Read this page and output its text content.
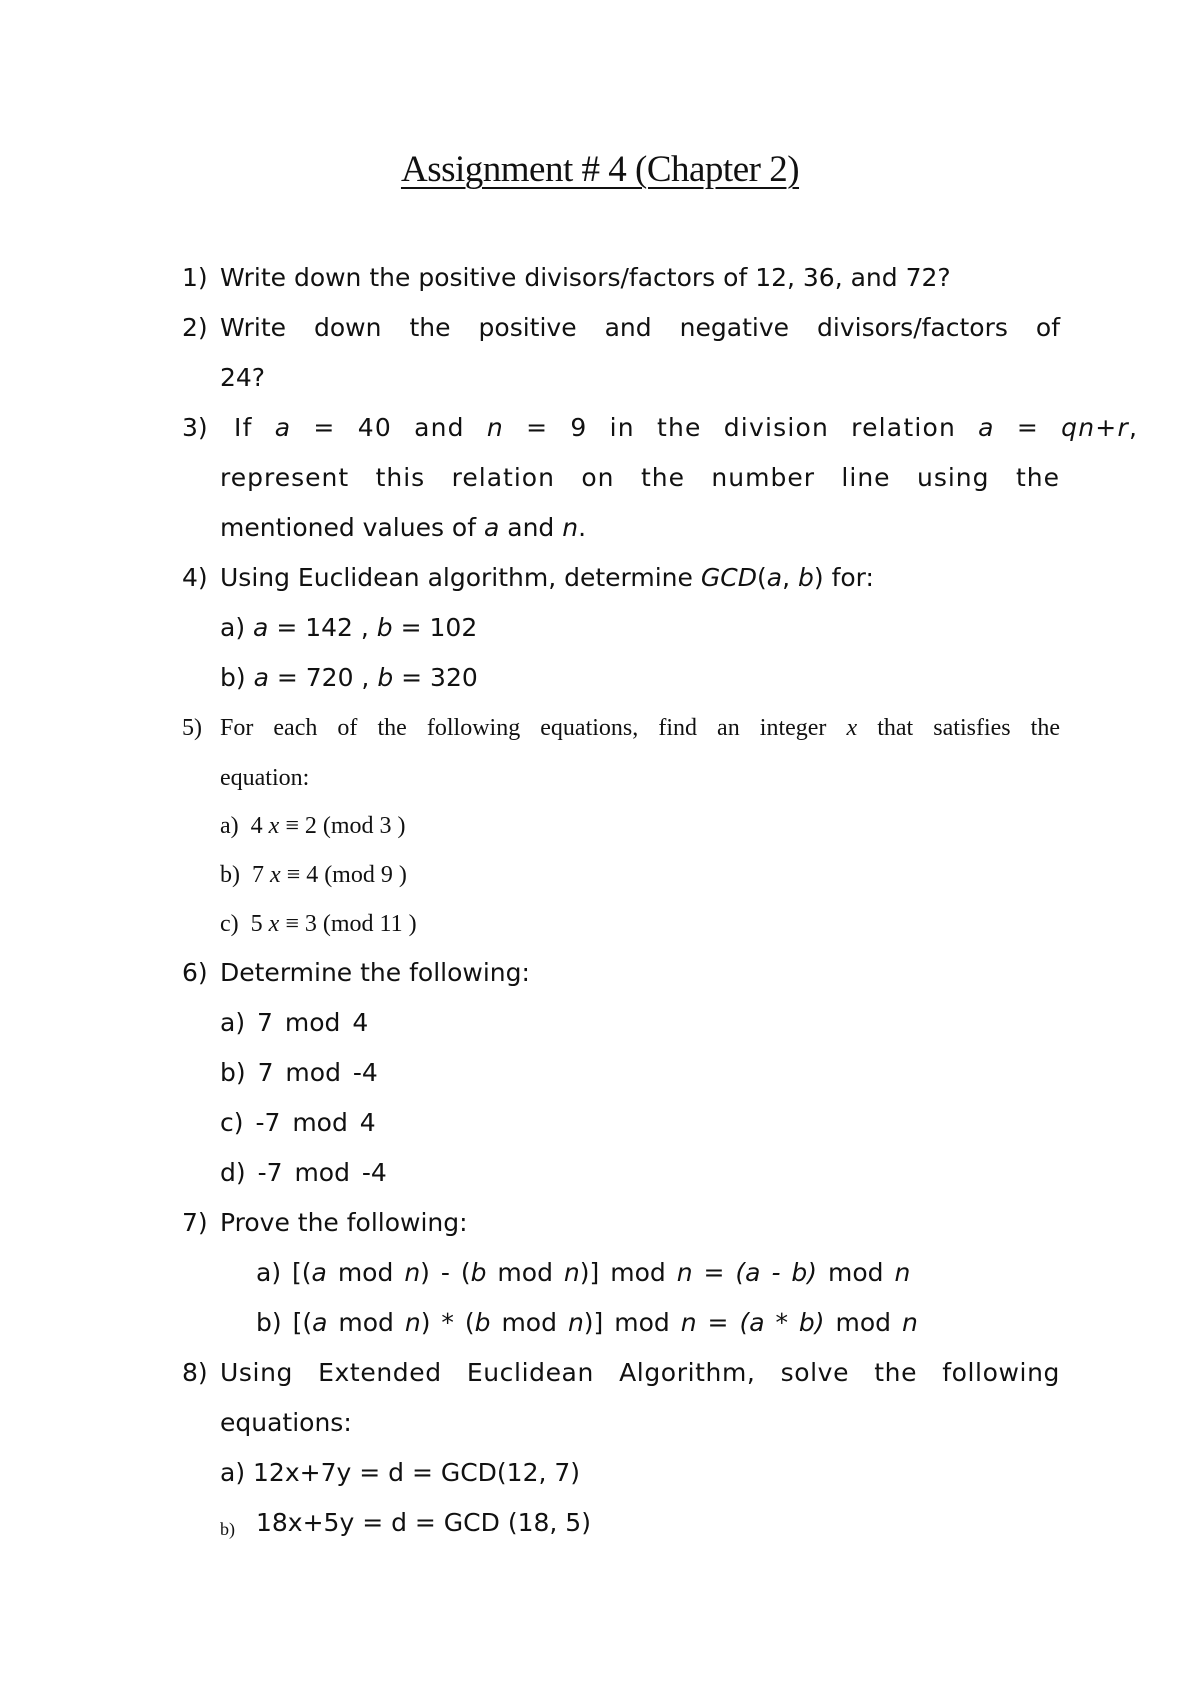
Assignment # 4 (Chapter 2)
1) Write down the positive divisors/factors of 12, 36, and 72?
2) Write down the positive and negative divisors/factors of
24?
3) If a = 40 and n = 9 in the division relation a = qn+r,
represent this relation on the number line using the
mentioned values of a and n.
4) Using Euclidean algorithm, determine GCD(a, b) for:
a) a = 142 , b = 102
b) a = 720 , b = 320
5) For each of the following equations, find an integer x that satisfies the
equation:
a) 4 x ≡ 2 (mod 3 )
b) 7 x ≡ 4 (mod 9 )
c) 5 x ≡ 3 (mod 11 )
6) Determine the following:
a) 7 mod 4
b) 7 mod -4
c) -7 mod 4
d) -7 mod -4
7) Prove the following:
a) [(a mod n) - (b mod n)] mod n = (a - b) mod n
b) [(a mod n) * (b mod n)] mod n = (a * b) mod n
8) Using Extended Euclidean Algorithm, solve the following
equations:
a) 12x+7y = d = GCD(12, 7)
b) 18x+5y = d = GCD (18, 5)
